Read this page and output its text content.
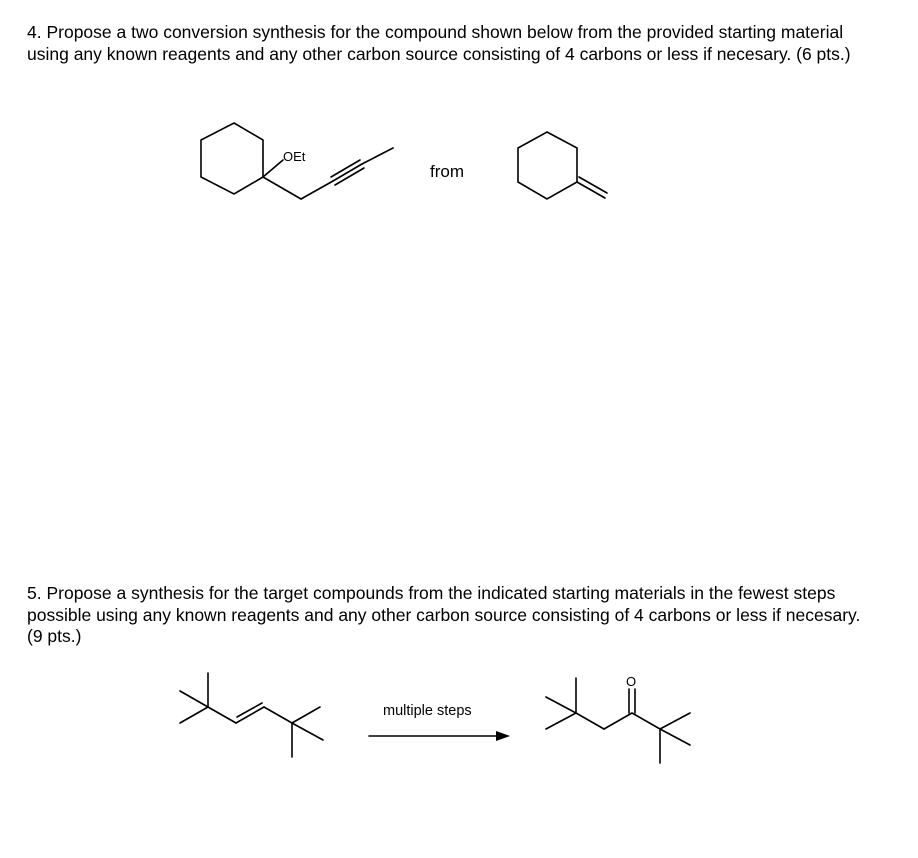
4. Propose a two conversion synthesis for the compound shown below from the provided starting material using any known reagents and any other carbon source consisting of 4 carbons or less if necesary. (6 pts.)

OEt
O
from

5. Propose a synthesis for the target compounds from the indicated starting materials in the fewest steps possible using any known reagents and any other carbon source consisting of 4 carbons or less if necesary. (9 pts.)

multiple steps
